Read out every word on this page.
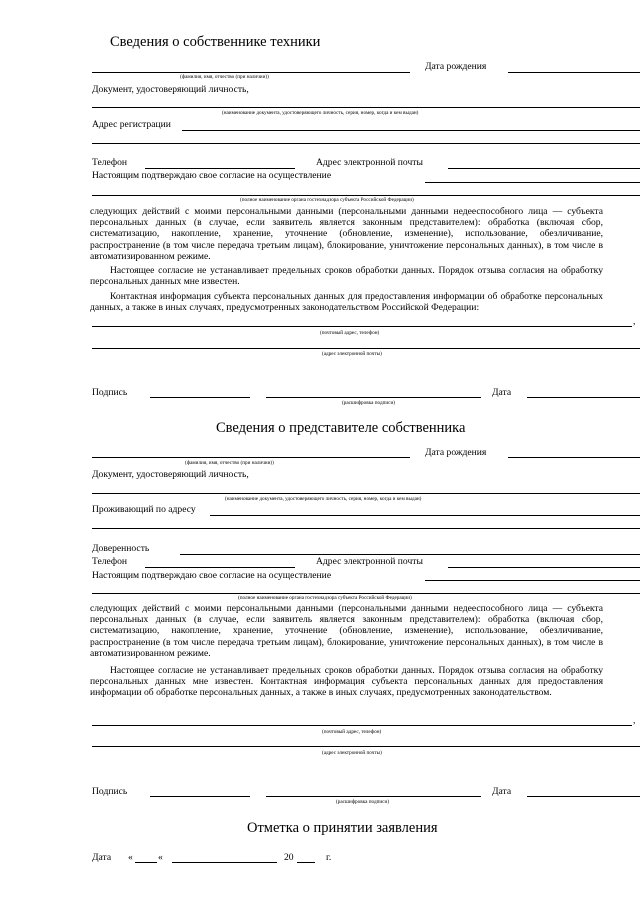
Сведения о собственнике техники
Дата рождения
(фамилия, имя, отчество (при наличии))
Документ, удостоверяющий личность,
(наименование документа, удостоверяющего личность, серия, номер, когда и кем выдан)
Адрес регистрации
Телефон	Адрес электронной почты
Настоящим подтверждаю свое согласие на осуществление
(полное наименование органа гостехнадзора субъекта Российской Федерации)
следующих действий с моими персональными данными (персональными данными недееспособного лица — субъекта персональных данных (в случае, если заявитель является законным представителем): обработка (включая сбор, систематизацию, накопление, хранение, уточнение (обновление, изменение), использование, обезличивание, распространение (в том числе передача третьим лицам), блокирование, уничтожение персональных данных), в том числе в автоматизированном режиме.
Настоящее согласие не устанавливает предельных сроков обработки данных. Порядок отзыва согласия на обработку персональных данных мне известен.
Контактная информация субъекта персональных данных для предоставления информации об обработке персональных данных, а также в иных случаях, предусмотренных законодательством Российской Федерации:
,
(почтовый адрес, телефон)
(адрес электронной почты)
Подпись
(расшифровка подписи)
Дата
Сведения о представителе собственника
Дата рождения
(фамилия, имя, отчество (при наличии))
Документ, удостоверяющий личность,
(наименование документа, удостоверяющего личность, серия, номер, когда и кем выдан)
Проживающий по адресу
Доверенность
Телефон	Адрес электронной почты
Настоящим подтверждаю свое согласие на осуществление
(полное наименование органа гостехнадзора субъекта Российской Федерации)
следующих действий с моими персональными данными (персональными данными недееспособного лица — субъекта персональных данных (в случае, если заявитель является законным представителем): обработка (включая сбор, систематизацию, накопление, хранение, уточнение (обновление, изменение), использование, обезличивание, распространение (в том числе передача третьим лицам), блокирование, уничтожение персональных данных), в том числе в автоматизированном режиме.
Настоящее согласие не устанавливает предельных сроков обработки данных. Порядок отзыва согласия на обработку персональных данных мне известен. Контактная информация субъекта персональных данных для предоставления информации об обработке персональных данных, а также в иных случаях, предусмотренных законодательством.
,
(почтовый адрес, телефон)
(адрес электронной почты)
Подпись
(расшифровка подписи)
Дата
Отметка о принятии заявления
Дата «	«	20	г.
